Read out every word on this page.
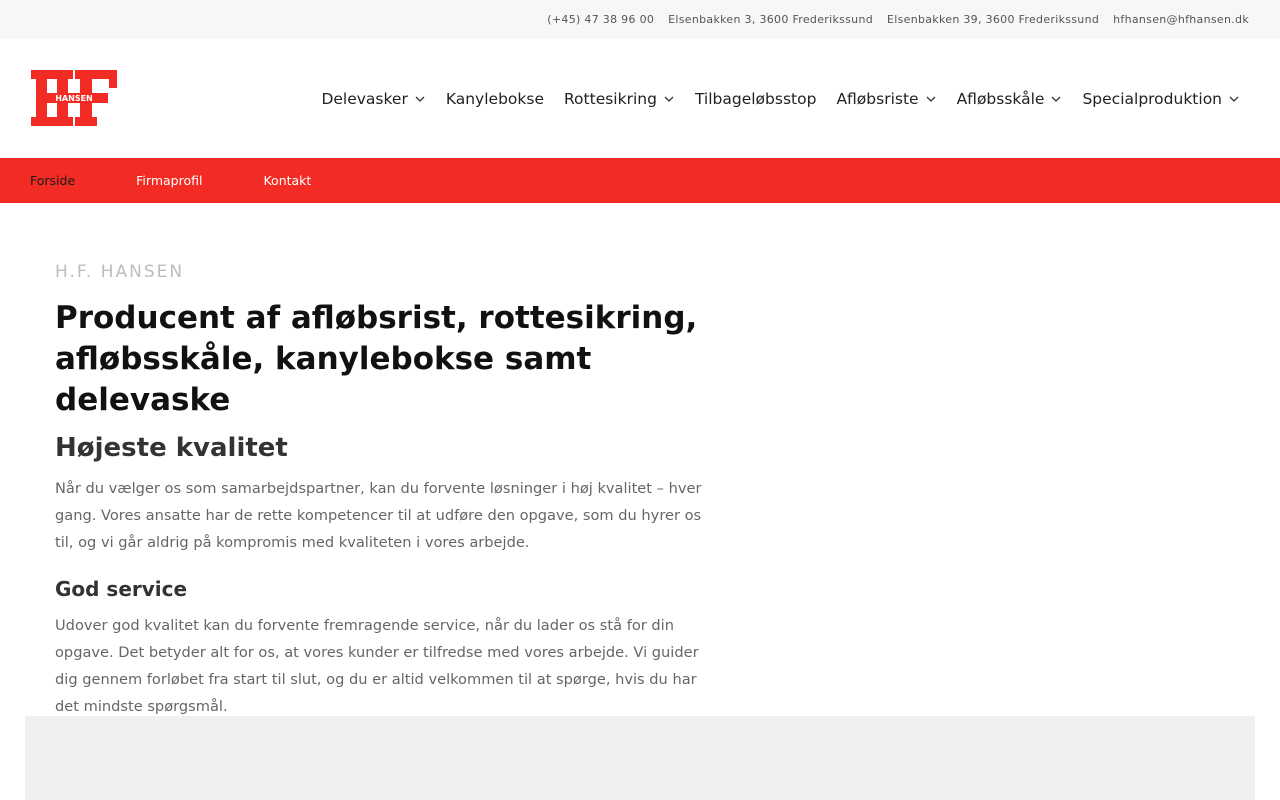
(+45) 47 38 96 00 Elsenbakken 3, 3600 Frederikssund Elsenbakken 39, 3600 Frederikssund hfhansen@hfhansen.dk
HANSEN	Delevasker Kanylebokse Rottesikring Tilbageløbsstop Afløbsriste Afløbsskåle Specialproduktion
Forside	Firmaprofil	Kontakt
H.F. HANSEN
Producent af afløbsrist, rottesikring, afløbsskåle, kanylebokse samt delevaske
Højeste kvalitet

Når du vælger os som samarbejdspartner, kan du forvente løsninger i høj kvalitet – hver gang. Vores ansatte har de rette kompetencer til at udføre den opgave, som du hyrer os til, og vi går aldrig på kompromis med kvaliteten i vores arbejde.

God service

Udover god kvalitet kan du forvente fremragende service, når du lader os stå for din opgave. Det betyder alt for os, at vores kunder er tilfredse med vores arbejde. Vi guider dig gennem forløbet fra start til slut, og du er altid velkommen til at spørge, hvis du har det mindste spørgsmål.
